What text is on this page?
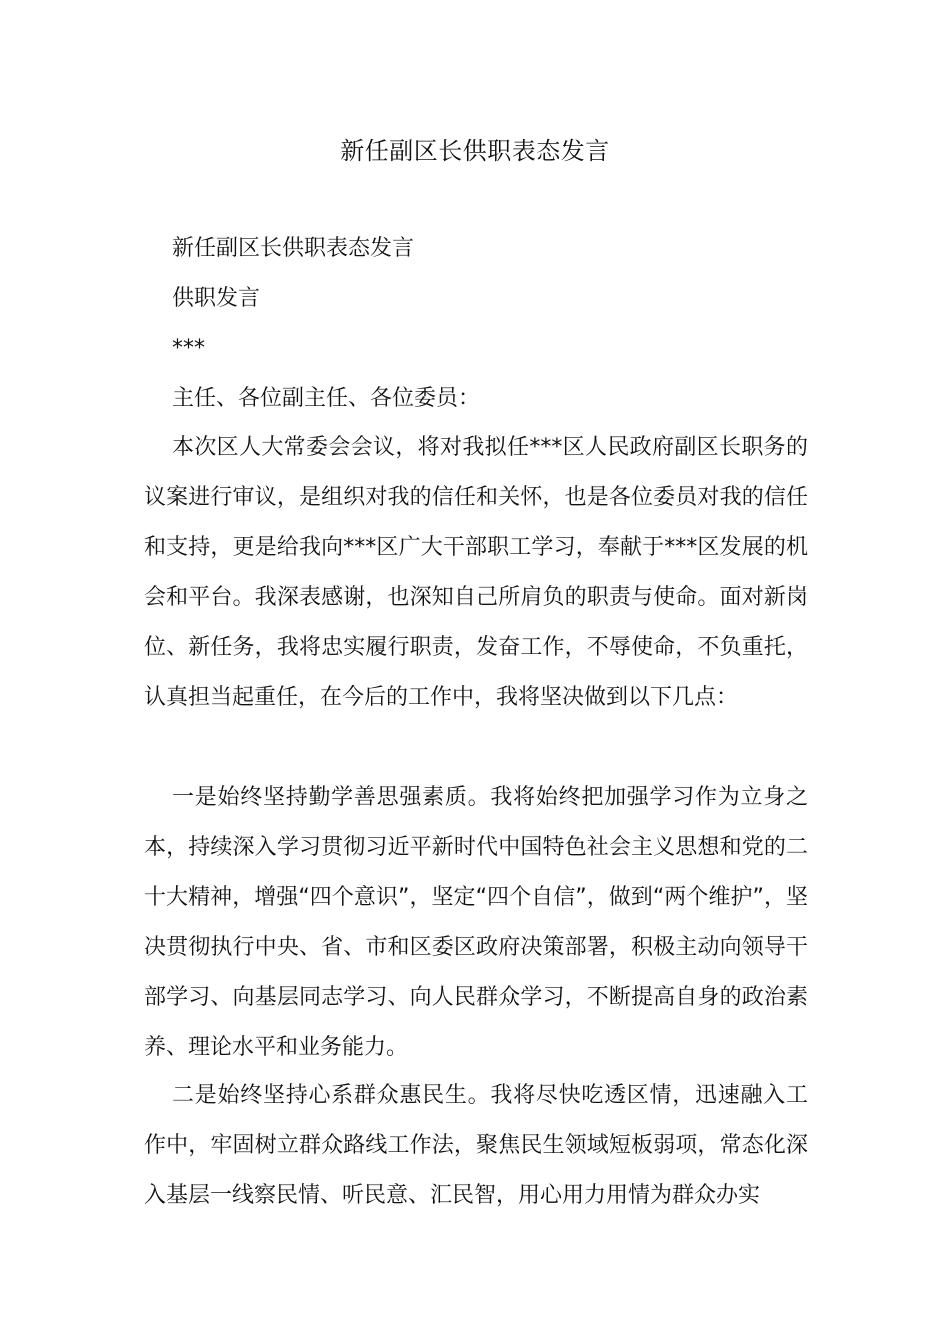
新任副区长供职表态发言
新任副区长供职表态发言
供职发言
***
主任、各位副主任、各位委员：

本次区人大常委会会议，将对我拟任***区人民政府副区长职务的议案进行审议，是组织对我的信任和关怀，也是各位委员对我的信任和支持，更是给我向***区广大干部职工学习，奉献于***区发展的机会和平台。我深表感谢，也深知自己所肩负的职责与使命。面对新岗位、新任务，我将忠实履行职责，发奋工作，不辱使命，不负重托，认真担当起重任，在今后的工作中，我将坚决做到以下几点：

一是始终坚持勤学善思强素质。我将始终把加强学习作为立身之本，持续深入学习贯彻习近平新时代中国特色社会主义思想和党的二十大精神，增强“四个意识”，坚定“四个自信”，做到“两个维护”，坚决贯彻执行中央、省、市和区委区政府决策部署，积极主动向领导干部学习、向基层同志学习、向人民群众学习，不断提高自身的政治素养、理论水平和业务能力。

二是始终坚持心系群众惠民生。我将尽快吃透区情，迅速融入工作中，牢固树立群众路线工作法，聚焦民生领域短板弱项，常态化深入基层一线察民情、听民意、汇民智，用心用力用情为群众办实
